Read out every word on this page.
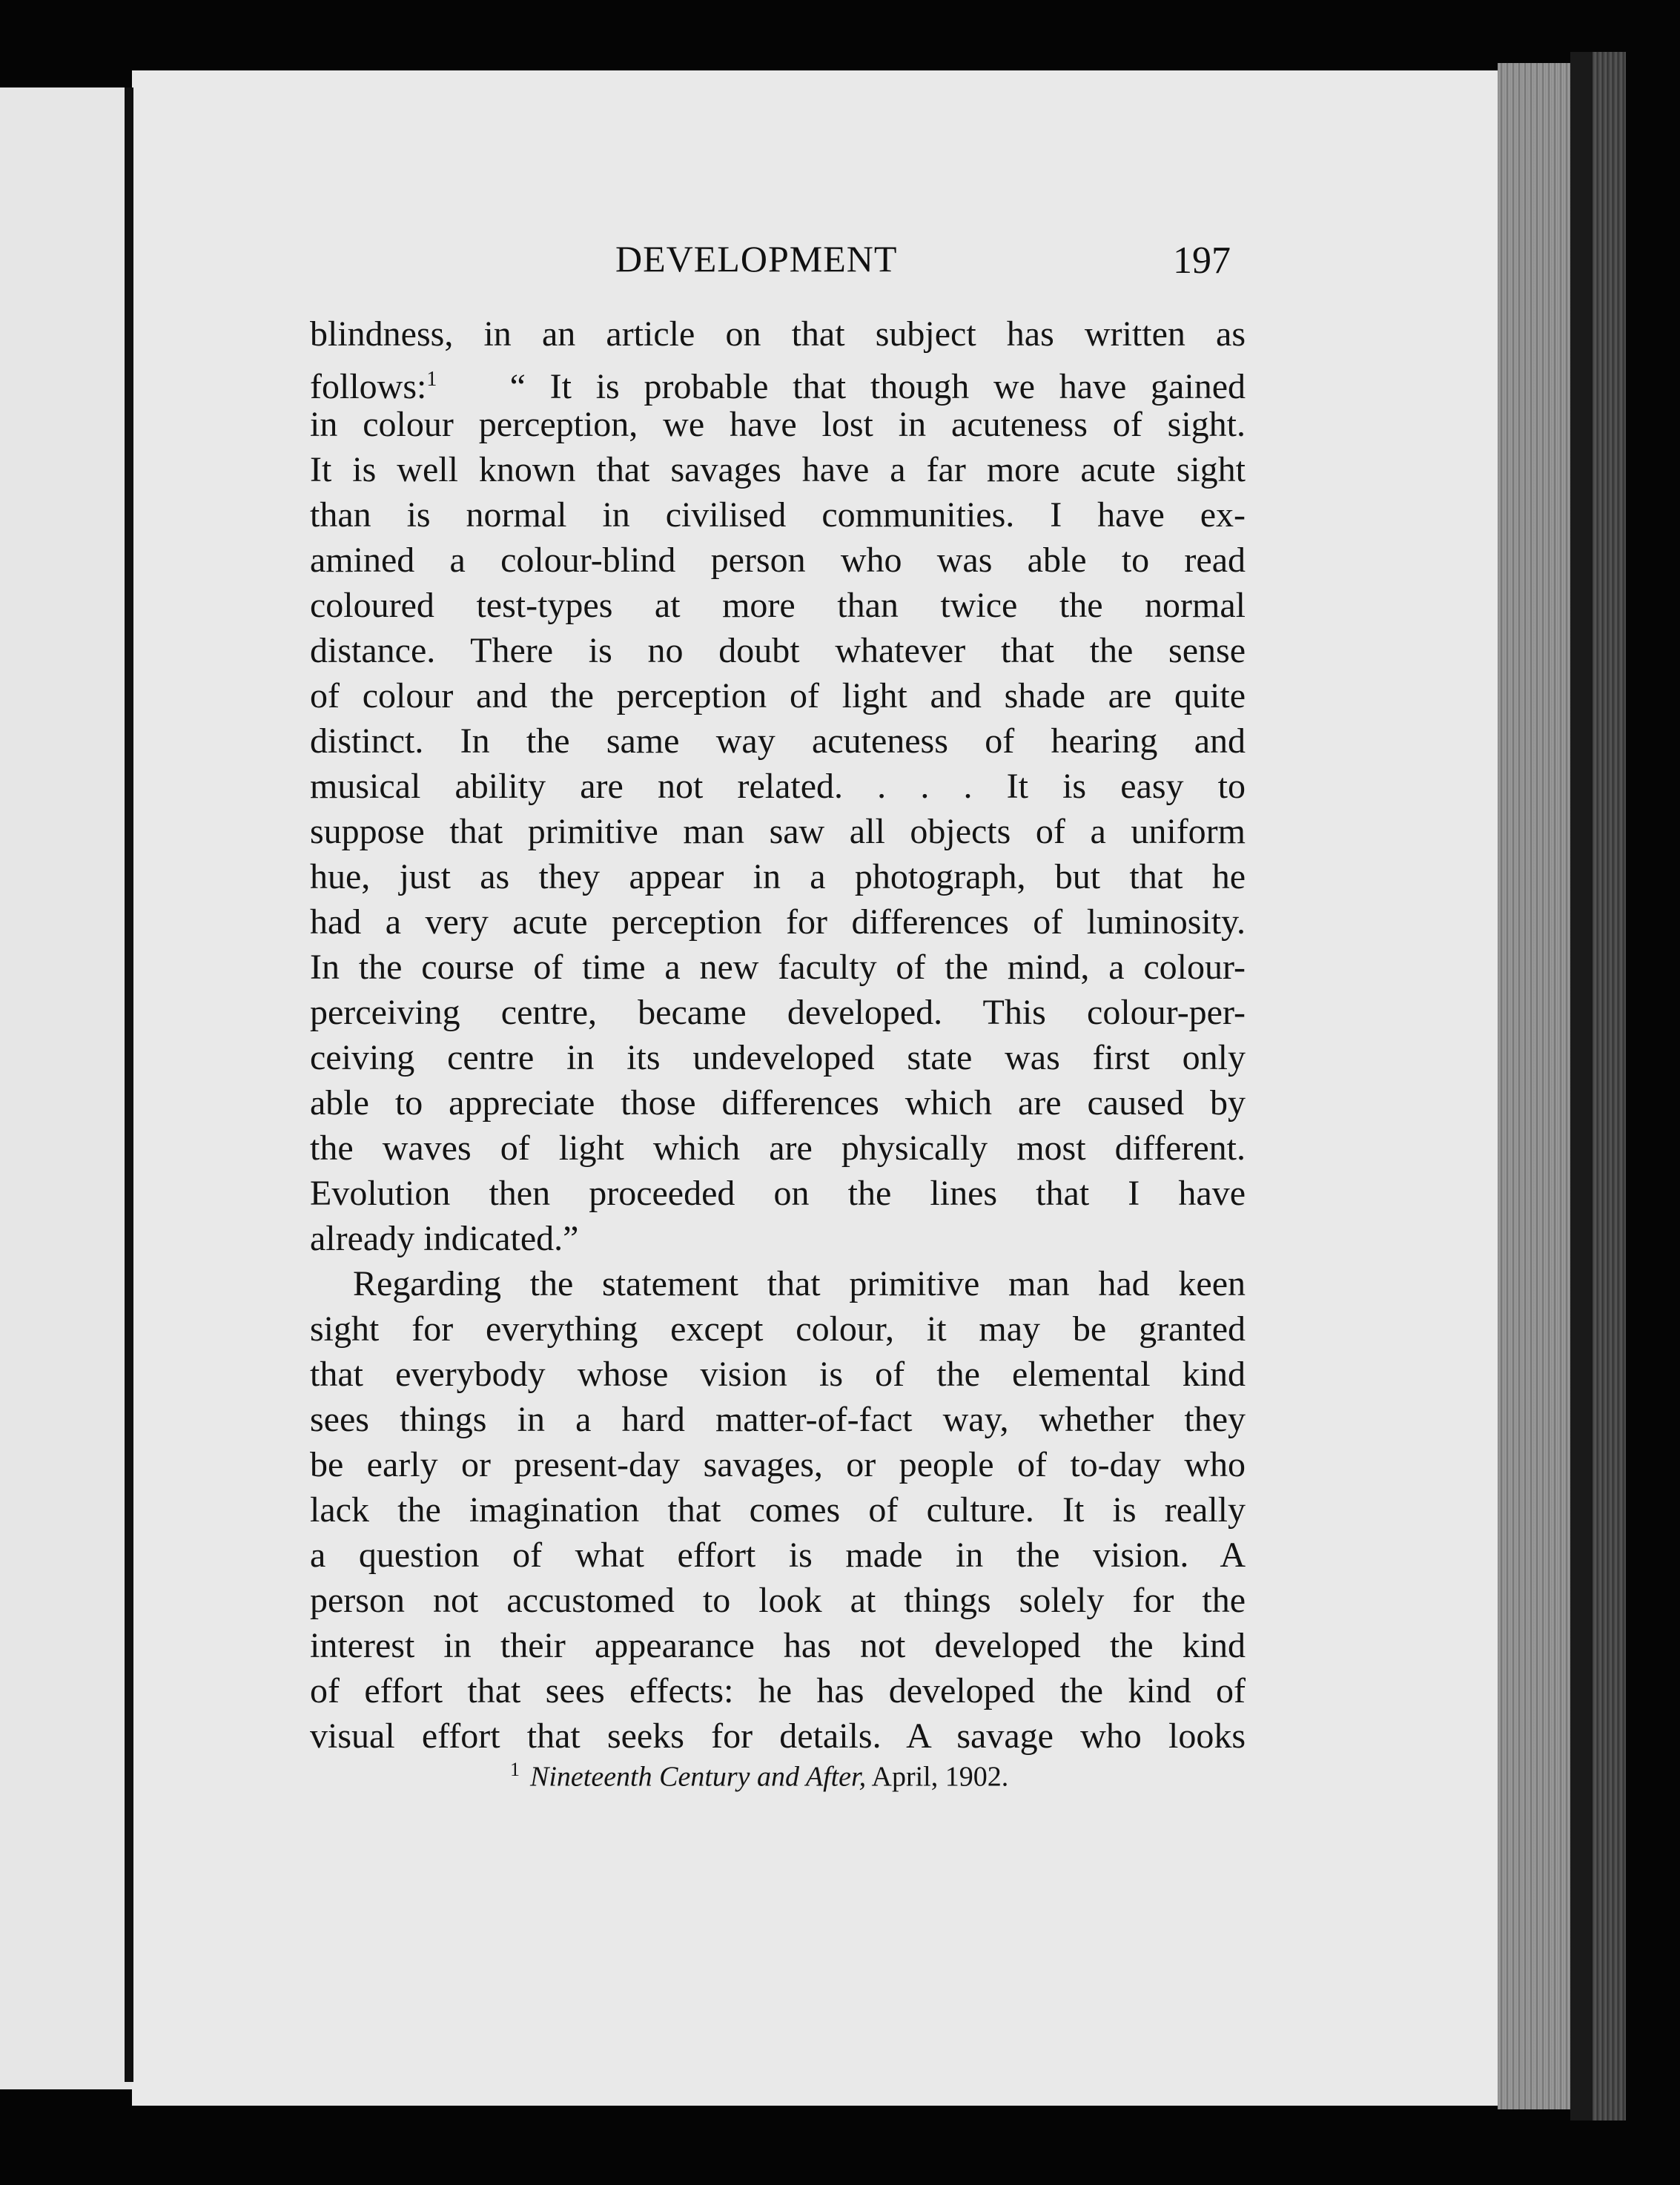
DEVELOPMENT	197
blindness, in an article on that subject has written as
follows:$^1$ “ It is probable that though we have gained
in colour perception, we have lost in acuteness of sight.
It is well known that savages have a far more acute sight
than is normal in civilised communities. I have ex-
amined a colour-blind person who was able to read
coloured test-types at more than twice the normal
distance. There is no doubt whatever that the sense
of colour and the perception of light and shade are quite
distinct. In the same way acuteness of hearing and
musical ability are not related. . . . It is easy to
suppose that primitive man saw all objects of a uniform
hue, just as they appear in a photograph, but that he
had a very acute perception for differences of luminosity.
In the course of time a new faculty of the mind, a colour-
perceiving centre, became developed. This colour-per-
ceiving centre in its undeveloped state was first only
able to appreciate those differences which are caused by
the waves of light which are physically most different.
Evolution then proceeded on the lines that I have
already indicated.”
Regarding the statement that primitive man had keen
sight for everything except colour, it may be granted
that everybody whose vision is of the elemental kind
sees things in a hard matter-of-fact way, whether they
be early or present-day savages, or people of to-day who
lack the imagination that comes of culture. It is really
a question of what effort is made in the vision. A
person not accustomed to look at things solely for the
interest in their appearance has not developed the kind
of effort that sees effects: he has developed the kind of
visual effort that seeks for details. A savage who looks
$^1$ Nineteenth Century and After, April, 1902.
